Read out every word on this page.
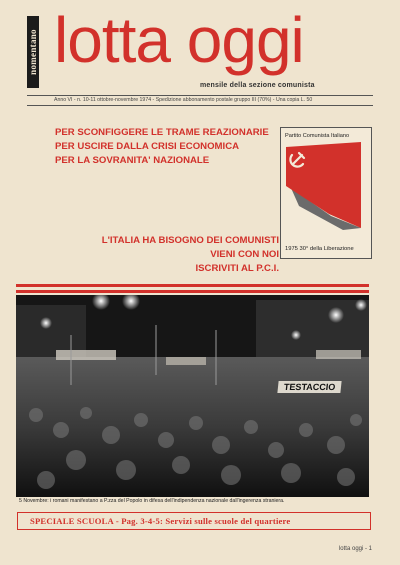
nomentano lotta oggi
mensile della sezione comunista
Anno VI - n. 10-11 ottobre-novembre 1974 - Spedizione abbonamento postale gruppo III (70%) - Una copia L. 50
PER SCONFIGGERE LE TRAME REAZIONARIE
PER USCIRE DALLA CRISI ECONOMICA
PER LA SOVRANITA' NAZIONALE
Partito Comunista Italiano
1975 30° della Liberazione
L'ITALIA HA BISOGNO DEI COMUNISTI
VIENI CON NOI
ISCRIVITI AL P.C.I.
TESTACCIO
5 Novembre: i romani manifestano a P.zza del Popolo in difesa dell'indipendenza nazionale dall'ingerenza straniera.
SPECIALE SCUOLA - Pag. 3-4-5: Servizi sulle scuole del quartiere
lotta oggi - 1
